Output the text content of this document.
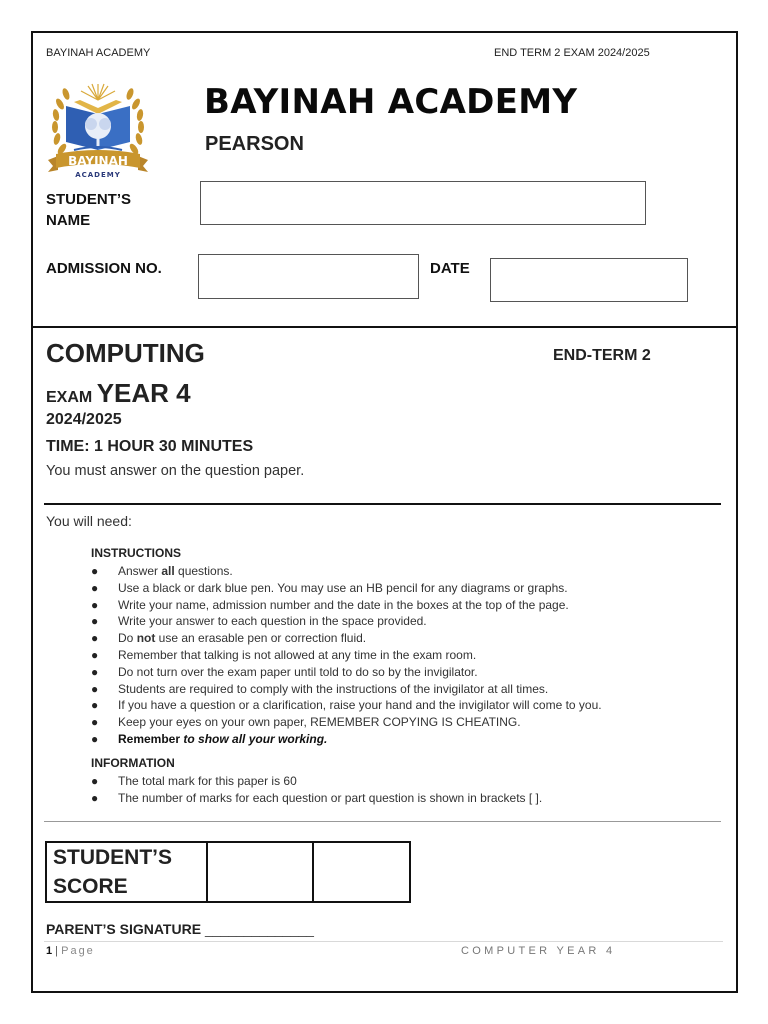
BAYINAH ACADEMY	END TERM 2 EXAM 2024/2025
BAYINAH
ACADEMY
BAYINAH ACADEMY
PEARSON
STUDENT’S
NAME
ADMISSION NO.	DATE
COMPUTING	END-TERM 2
EXAM YEAR 4
2024/2025
TIME: 1 HOUR 30 MINUTES
You must answer on the question paper.
You will need:
INSTRUCTIONS
● Answer all questions.
● Use a black or dark blue pen. You may use an HB pencil for any diagrams or graphs.
● Write your name, admission number and the date in the boxes at the top of the page.
● Write your answer to each question in the space provided.
● Do not use an erasable pen or correction fluid.
● Remember that talking is not allowed at any time in the exam room.
● Do not turn over the exam paper until told to do so by the invigilator.
● Students are required to comply with the instructions of the invigilator at all times.
● If you have a question or a clarification, raise your hand and the invigilator will come to you.
● Keep your eyes on your own paper, REMEMBER COPYING IS CHEATING.
● Remember to show all your working.
INFORMATION
● The total mark for this paper is 60
● The number of marks for each question or part question is shown in brackets [ ].
STUDENT’S
SCORE

PARENT’S SIGNATURE ______________
1 | Page	COMPUTER YEAR 4
